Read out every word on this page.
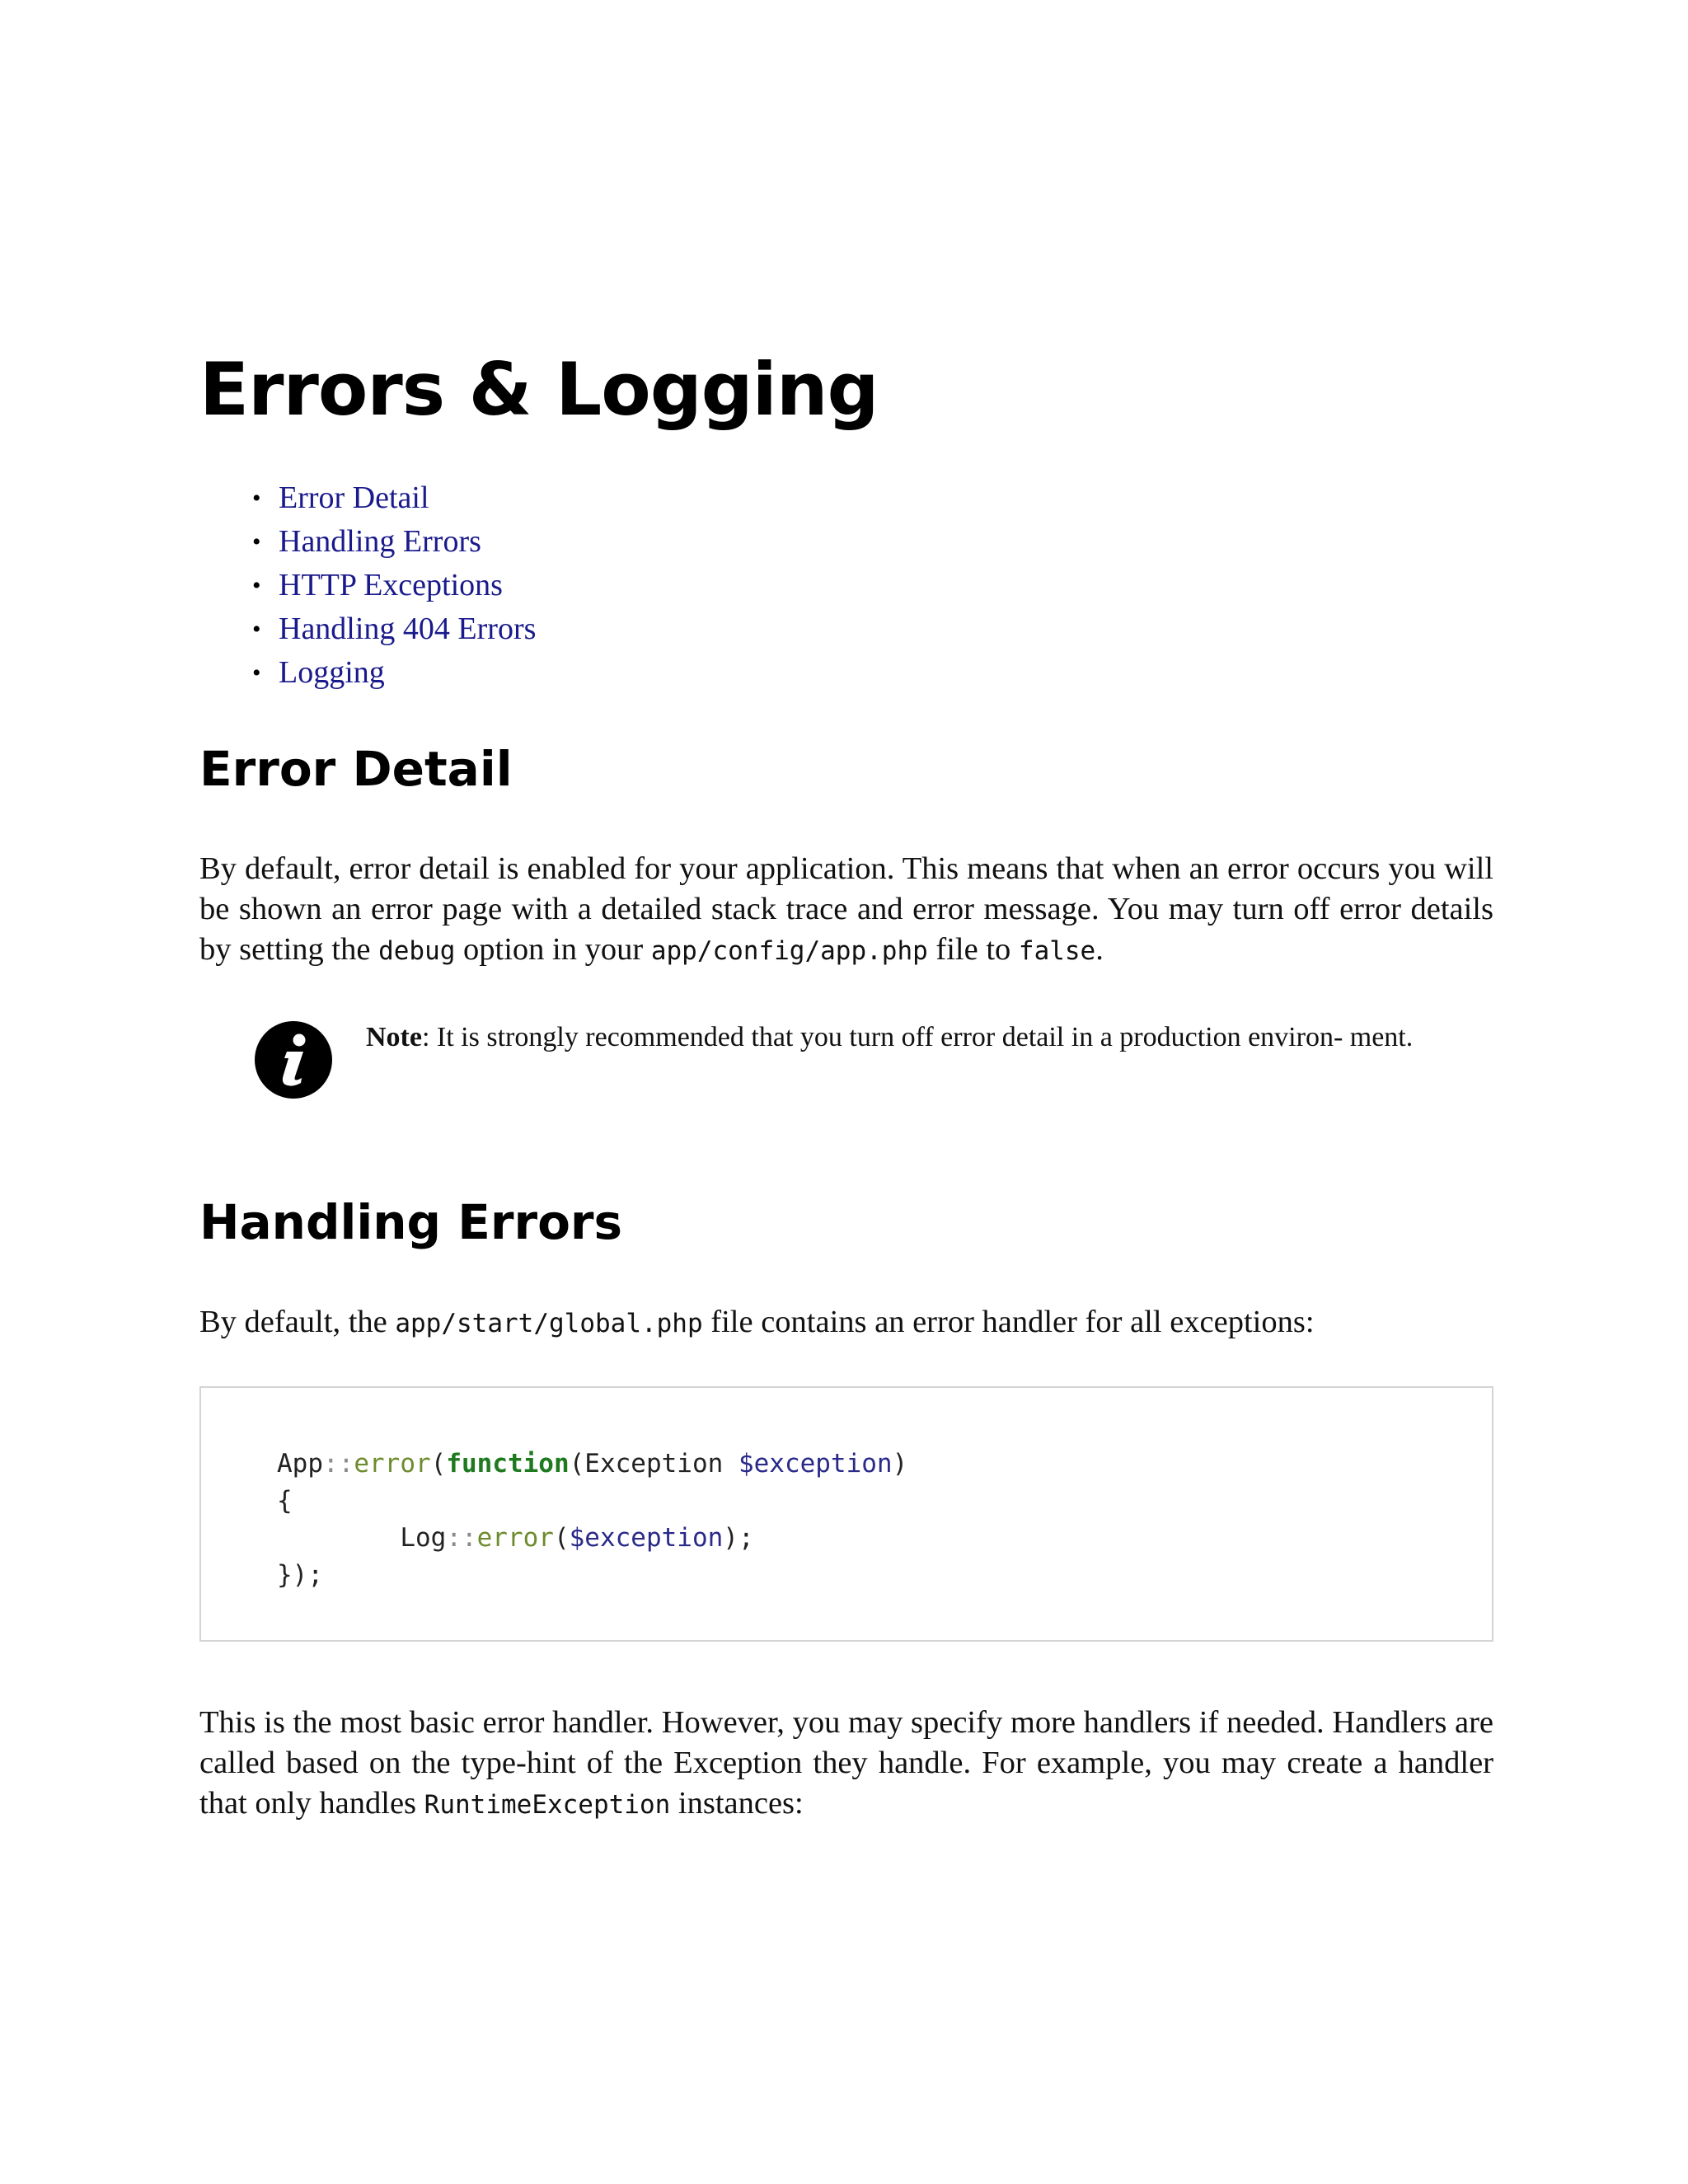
Errors & Logging
• Error Detail
• Handling Errors
• HTTP Exceptions
• Handling 404 Errors
• Logging
Error Detail

By default, error detail is enabled for your application. This means that when an error occurs you will be shown an error page with a detailed stack trace and error message. You may turn off error details by setting the debug option in your app/config/app.php file to false.

Note: It is strongly recommended that you turn off error detail in a production environ- ment.

Handling Errors

By default, the app/start/global.php file contains an error handler for all exceptions:

App::error(function(Exception $exception)
{
Log::error($exception);
});

This is the most basic error handler. However, you may specify more handlers if needed. Handlers are called based on the type-hint of the Exception they handle. For example, you may create a handler that only handles RuntimeException instances:
